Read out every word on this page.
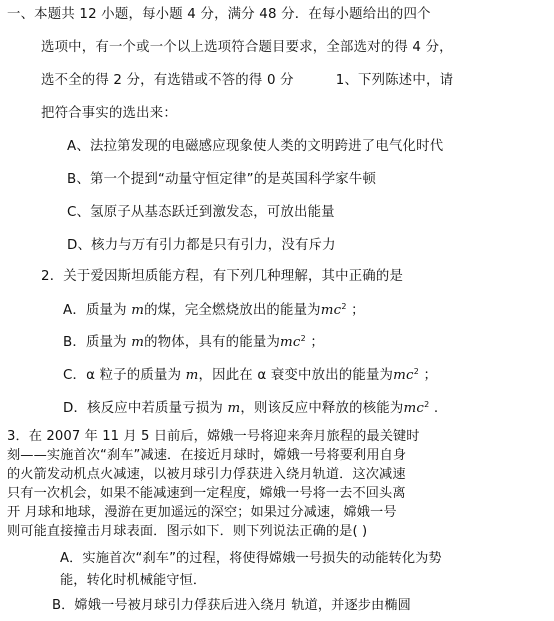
一、本题共 12 小题，每小题 4 分，满分 48 分．在每小题给出的四个
选项中，有一个或一个以上选项符合题目要求，全部选对的得 4 分，
选不全的得 2 分，有选错或不答的得 0 分	1、下列陈述中，请
把符合事实的选出来：
A、法拉第发现的电磁感应现象使人类的文明跨进了电气化时代
B、第一个提到“动量守恒定律”的是英国科学家牛顿
C、氢原子从基态跃迁到激发态，可放出能量
D、核力与万有引力都是只有引力，没有斥力
2．关于爱因斯坦质能方程，有下列几种理解，其中正确的是
A．质量为 m的煤，完全燃烧放出的能量为$mc^2$ ；
B．质量为 m的物体，具有的能量为$mc^2$ ；
C．α 粒子的质量为 m，因此在 α 衰变中放出的能量为$mc^2$ ；
D．核反应中若质量亏损为 m，则该反应中释放的核能为$mc^2$ .
3．在 2007 年 11 月 5 日前后，嫦娥一号将迎来奔月旅程的最关键时
刻——实施首次“刹车”减速．在接近月球时，嫦娥一号将要利用自身
的火箭发动机点火减速，以被月球引力俘获进入绕月轨道．这次减速
只有一次机会，如果不能减速到一定程度，嫦娥一号将一去不回头离
开 月球和地球，漫游在更加遥远的深空；如果过分减速，嫦娥一号
则可能直接撞击月球表面．图示如下．则下列说法正确的是( )
A．实施首次“刹车”的过程，将使得嫦娥一号损失的动能转化为势
能，转化时机械能守恒．
B．嫦娥一号被月球引力俘获后进入绕月 轨道，并逐步由椭圆
